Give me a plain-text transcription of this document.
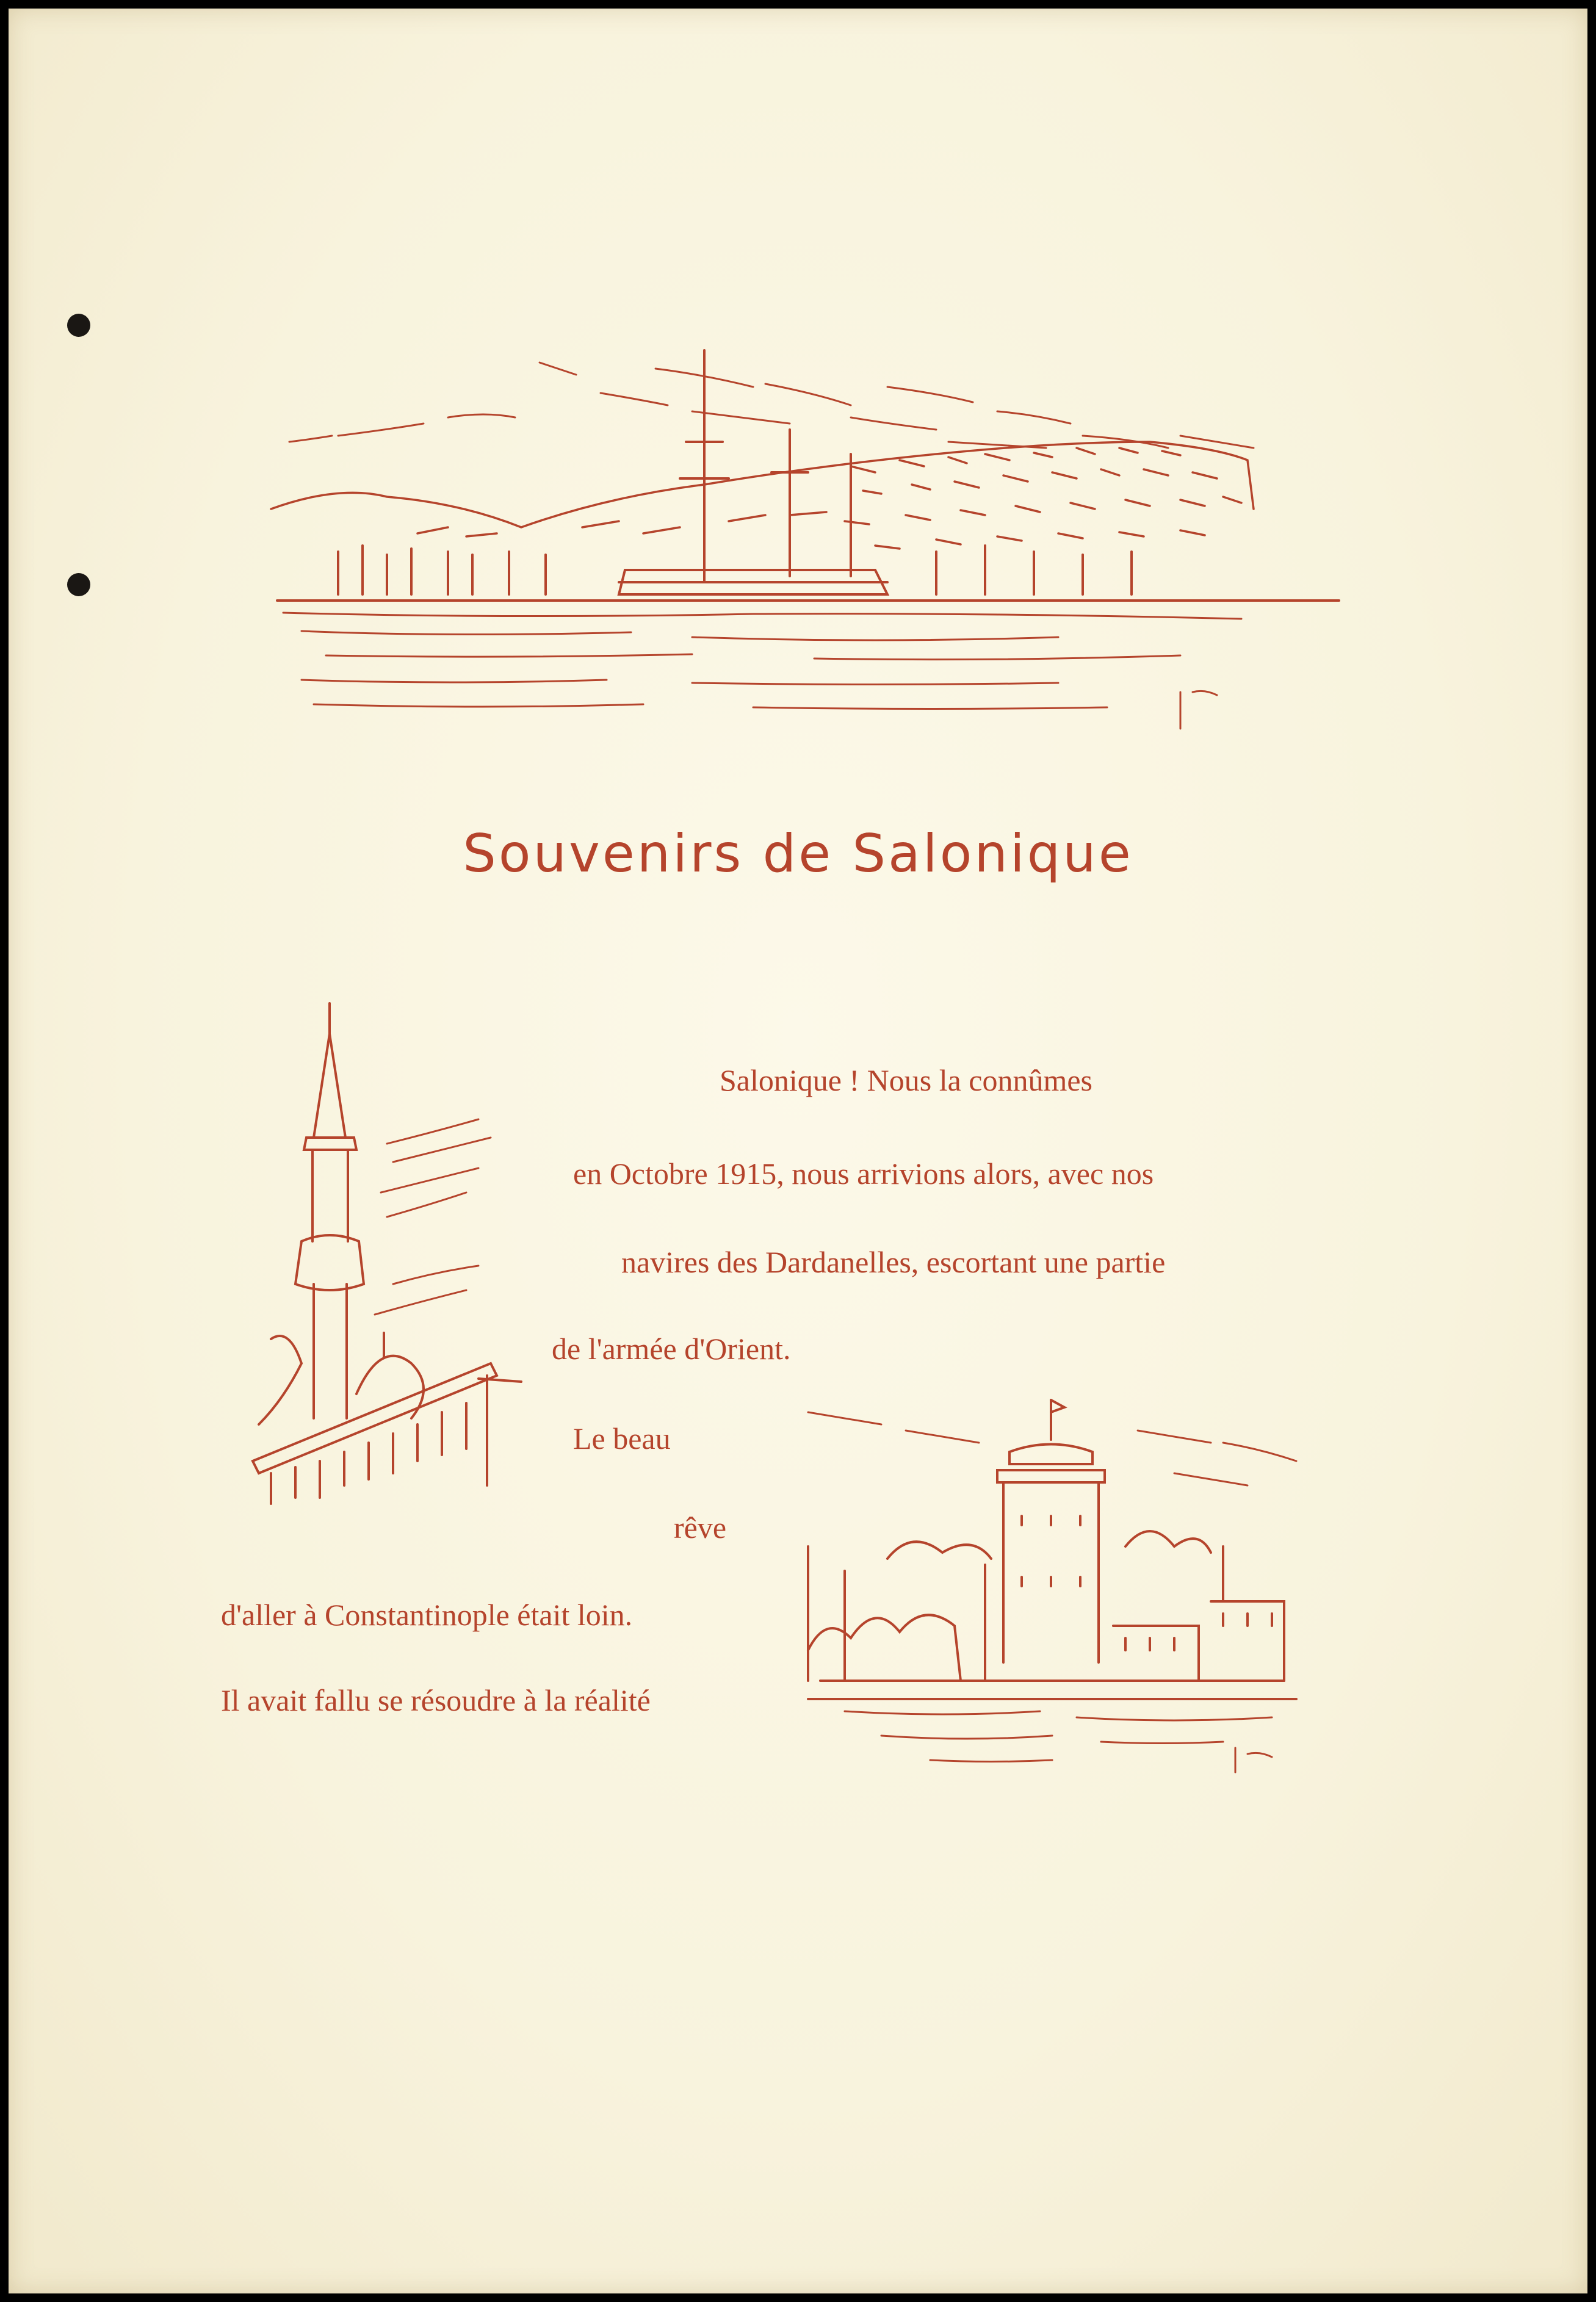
Souvenirs de Salonique

Salonique ! Nous la connûmes

en Octobre 1915, nous arrivions alors, avec nos

navires des Dardanelles, escortant une partie

de l'armée d'Orient.

Le beau

rêve

d'aller à Constantinople était loin.

Il avait fallu se résoudre à la réalité
